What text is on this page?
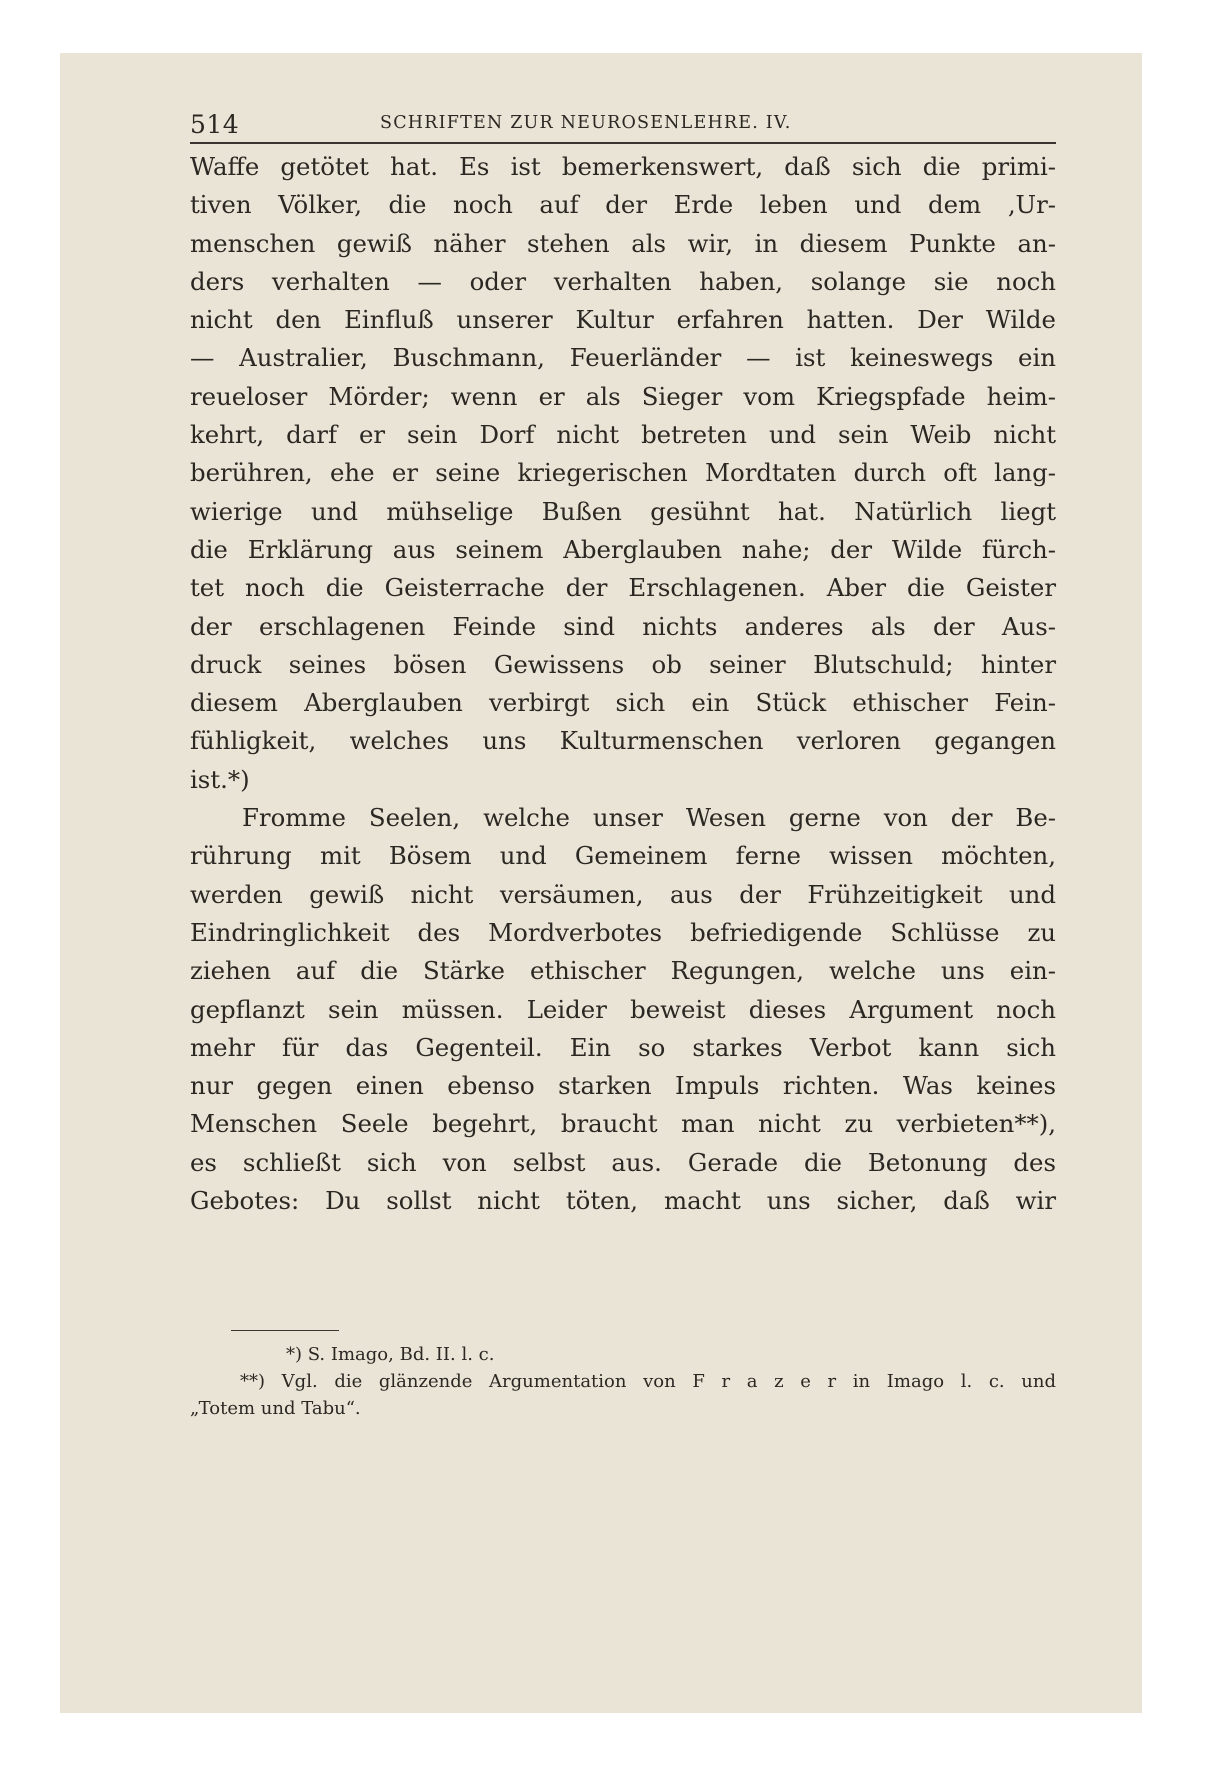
514	SCHRIFTEN ZUR NEUROSENLEHRE. IV.
Waffe getötet hat. Es ist bemerkenswert, daß sich die primi-
tiven Völker, die noch auf der Erde leben und dem ‚Ur-
menschen gewiß näher stehen als wir, in diesem Punkte an-
ders verhalten — oder verhalten haben, solange sie noch
nicht den Einfluß unserer Kultur erfahren hatten. Der Wilde
— Australier, Buschmann, Feuerländer — ist keineswegs ein
reueloser Mörder; wenn er als Sieger vom Kriegspfade heim-
kehrt, darf er sein Dorf nicht betreten und sein Weib nicht
berühren, ehe er seine kriegerischen Mordtaten durch oft lang-
wierige und mühselige Bußen gesühnt hat. Natürlich liegt
die Erklärung aus seinem Aberglauben nahe; der Wilde fürch-
tet noch die Geisterrache der Erschlagenen. Aber die Geister
der erschlagenen Feinde sind nichts anderes als der Aus-
druck seines bösen Gewissens ob seiner Blutschuld; hinter
diesem Aberglauben verbirgt sich ein Stück ethischer Fein-
fühligkeit, welches uns Kulturmenschen verloren gegangen
ist.*)
Fromme Seelen, welche unser Wesen gerne von der Be-
rührung mit Bösem und Gemeinem ferne wissen möchten,
werden gewiß nicht versäumen, aus der Frühzeitigkeit und
Eindringlichkeit des Mordverbotes befriedigende Schlüsse zu
ziehen auf die Stärke ethischer Regungen, welche uns ein-
gepflanzt sein müssen. Leider beweist dieses Argument noch
mehr für das Gegenteil. Ein so starkes Verbot kann sich
nur gegen einen ebenso starken Impuls richten. Was keines
Menschen Seele begehrt, braucht man nicht zu verbieten**),
es schließt sich von selbst aus. Gerade die Betonung des
Gebotes: Du sollst nicht töten, macht uns sicher, daß wir
*) S. Imago, Bd. II. l. c.
**) Vgl. die glänzende Argumentation von F r a z e r in Imago l. c. und
„Totem und Tabu“.
